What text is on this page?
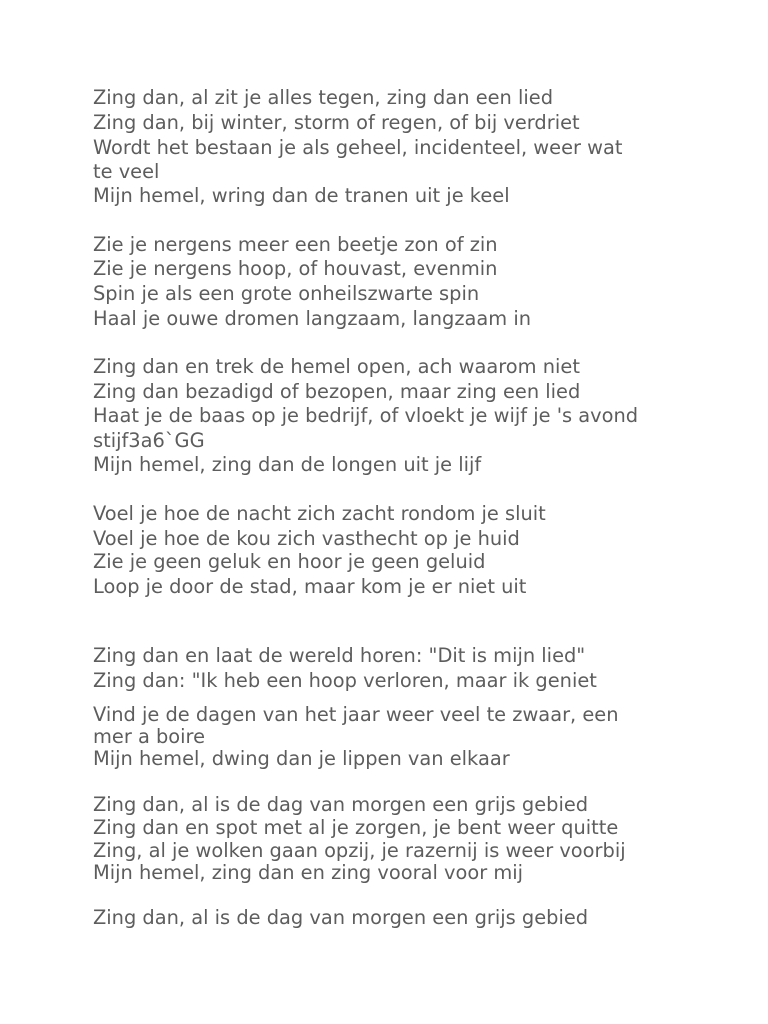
Zing dan, al zit je alles tegen, zing dan een lied

Zing dan, bij winter, storm of regen, of bij verdriet

Wordt het bestaan je als geheel, incidenteel, weer wat

te veel

Mijn hemel, wring dan de tranen uit je keel

Zie je nergens meer een beetje zon of zin

Zie je nergens hoop, of houvast, evenmin

Spin je als een grote onheilszwarte spin

Haal je ouwe dromen langzaam, langzaam in

Zing dan en trek de hemel open, ach waarom niet

Zing dan bezadigd of bezopen, maar zing een lied

Haat je de baas op je bedrijf, of vloekt je wijf je 's avond

stijf3a6`GG

Mijn hemel, zing dan de longen uit je lijf

Voel je hoe de nacht zich zacht rondom je sluit

Voel je hoe de kou zich vasthecht op je huid

Zie je geen geluk en hoor je geen geluid

Loop je door de stad, maar kom je er niet uit

Zing dan en laat de wereld horen: "Dit is mijn lied"

Zing dan: "Ik heb een hoop verloren, maar ik geniet

Vind je de dagen van het jaar weer veel te zwaar, een

mer a boire

Mijn hemel, dwing dan je lippen van elkaar

Zing dan, al is de dag van morgen een grijs gebied

Zing dan en spot met al je zorgen, je bent weer quitte

Zing, al je wolken gaan opzij, je razernij is weer voorbij

Mijn hemel, zing dan en zing vooral voor mij

Zing dan, al is de dag van morgen een grijs gebied
